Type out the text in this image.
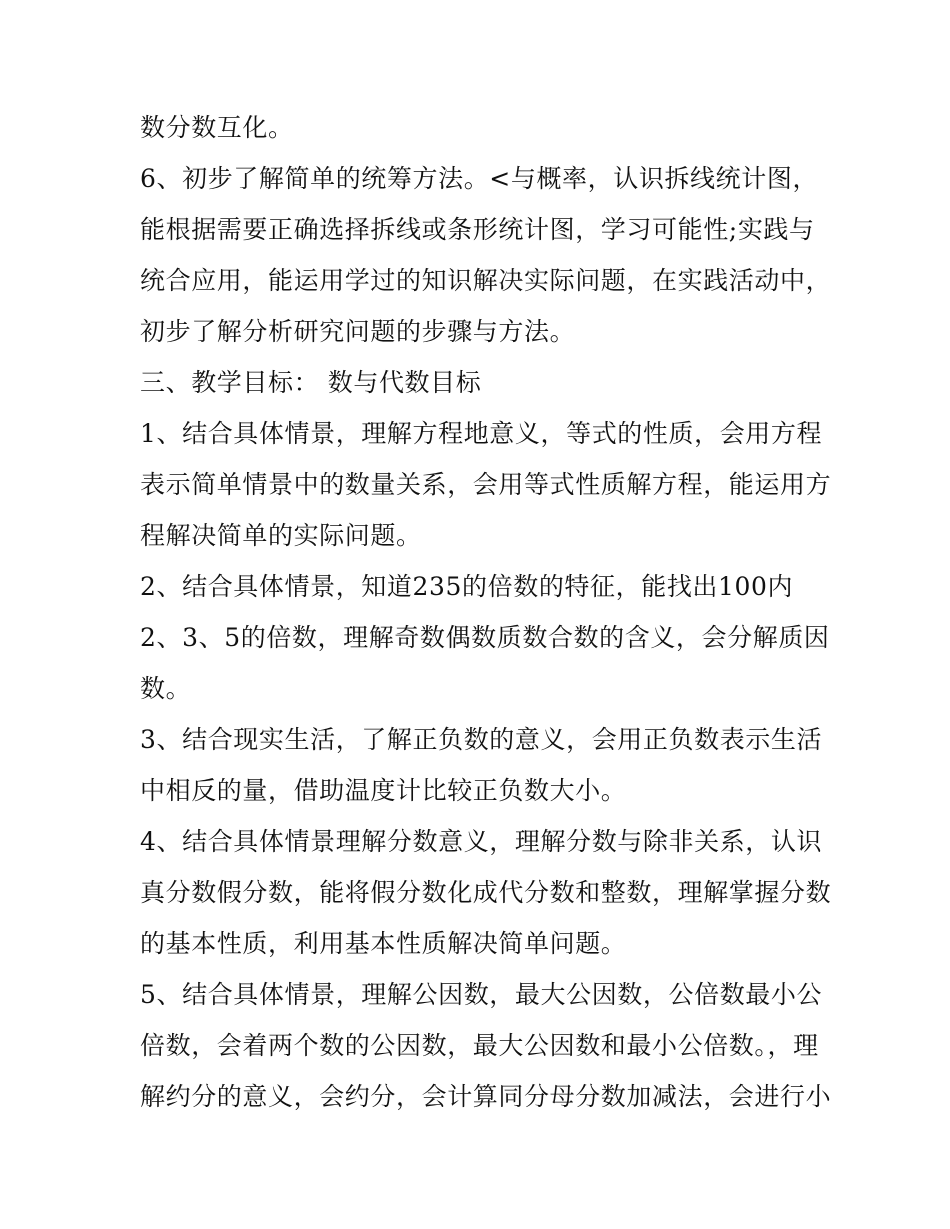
数分数互化。
6、初步了解简单的统筹方法。<与概率，认识拆线统计图，
能根据需要正确选择拆线或条形统计图，学习可能性;实践与
统合应用，能运用学过的知识解决实际问题，在实践活动中，
初步了解分析研究问题的步骤与方法。
三、教学目标： 数与代数目标
1、结合具体情景，理解方程地意义，等式的性质，会用方程
表示简单情景中的数量关系，会用等式性质解方程，能运用方
程解决简单的实际问题。
2、结合具体情景，知道235的倍数的特征，能找出100内
2、3、5的倍数，理解奇数偶数质数合数的含义，会分解质因
数。
3、结合现实生活，了解正负数的意义，会用正负数表示生活
中相反的量，借助温度计比较正负数大小。
4、结合具体情景理解分数意义，理解分数与除非关系，认识
真分数假分数，能将假分数化成代分数和整数，理解掌握分数
的基本性质，利用基本性质解决简单问题。
5、结合具体情景，理解公因数，最大公因数，公倍数最小公
倍数，会着两个数的公因数，最大公因数和最小公倍数。，理
解约分的意义，会约分，会计算同分母分数加减法，会进行小
